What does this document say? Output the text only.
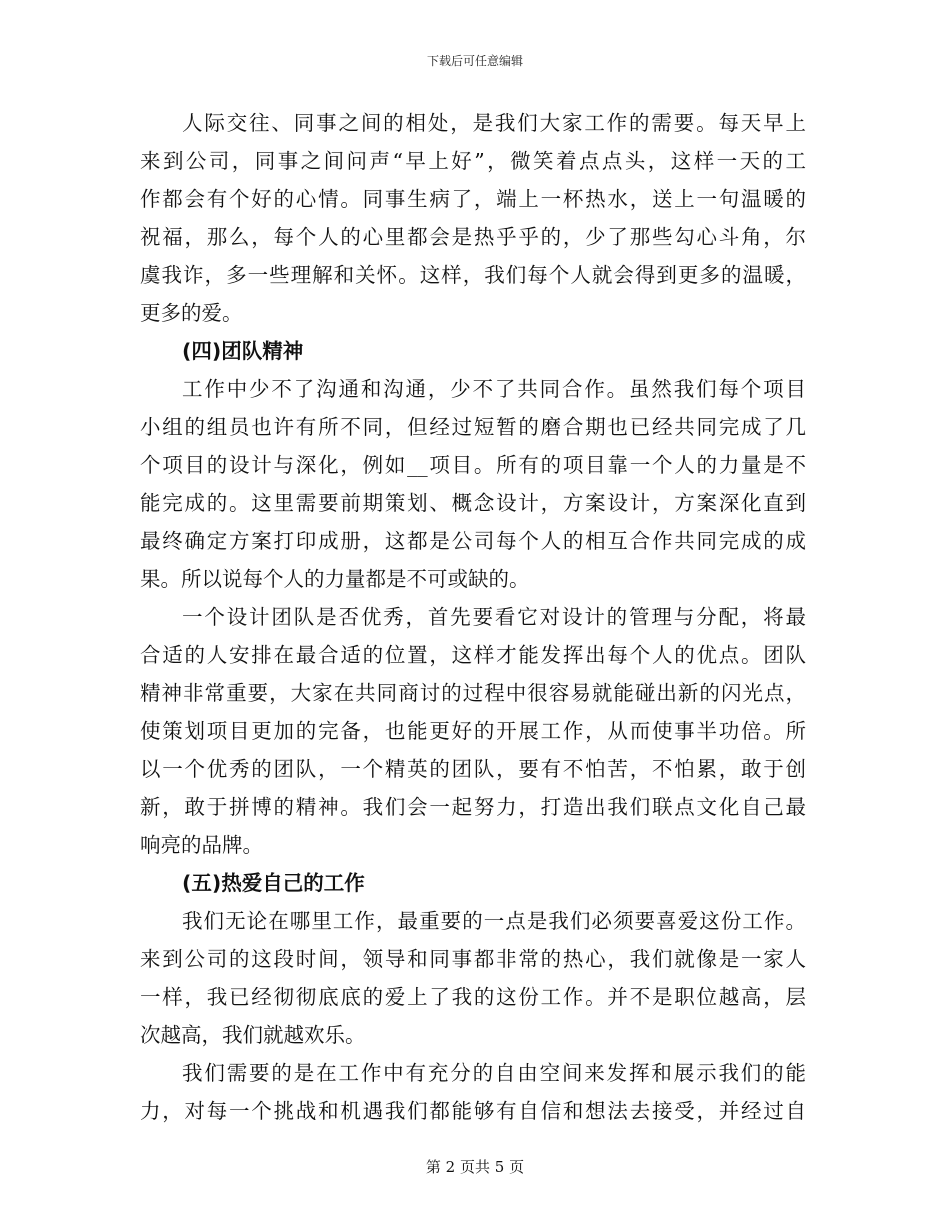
下载后可任意编辑
人际交往、同事之间的相处，是我们大家工作的需要。每天早上
来到公司，同事之间问声“早上好”，微笑着点点头，这样一天的工
作都会有个好的心情。同事生病了，端上一杯热水，送上一句温暖的
祝福，那么，每个人的心里都会是热乎乎的，少了那些勾心斗角，尔
虞我诈，多一些理解和关怀。这样，我们每个人就会得到更多的温暖，
更多的爱。
(四)团队精神
工作中少不了沟通和沟通，少不了共同合作。虽然我们每个项目
小组的组员也许有所不同，但经过短暂的磨合期也已经共同完成了几
个项目的设计与深化，例如__项目。所有的项目靠一个人的力量是不
能完成的。这里需要前期策划、概念设计，方案设计，方案深化直到
最终确定方案打印成册，这都是公司每个人的相互合作共同完成的成
果。所以说每个人的力量都是不可或缺的。
一个设计团队是否优秀，首先要看它对设计的管理与分配，将最
合适的人安排在最合适的位置，这样才能发挥出每个人的优点。团队
精神非常重要，大家在共同商讨的过程中很容易就能碰出新的闪光点，
使策划项目更加的完备，也能更好的开展工作，从而使事半功倍。所
以一个优秀的团队，一个精英的团队，要有不怕苦，不怕累，敢于创
新，敢于拼博的精神。我们会一起努力，打造出我们联点文化自己最
响亮的品牌。
(五)热爱自己的工作
我们无论在哪里工作，最重要的一点是我们必须要喜爱这份工作。
来到公司的这段时间，领导和同事都非常的热心，我们就像是一家人
一样，我已经彻彻底底的爱上了我的这份工作。并不是职位越高，层
次越高，我们就越欢乐。
我们需要的是在工作中有充分的自由空间来发挥和展示我们的能
力，对每一个挑战和机遇我们都能够有自信和想法去接受，并经过自
第 2 页共 5 页
